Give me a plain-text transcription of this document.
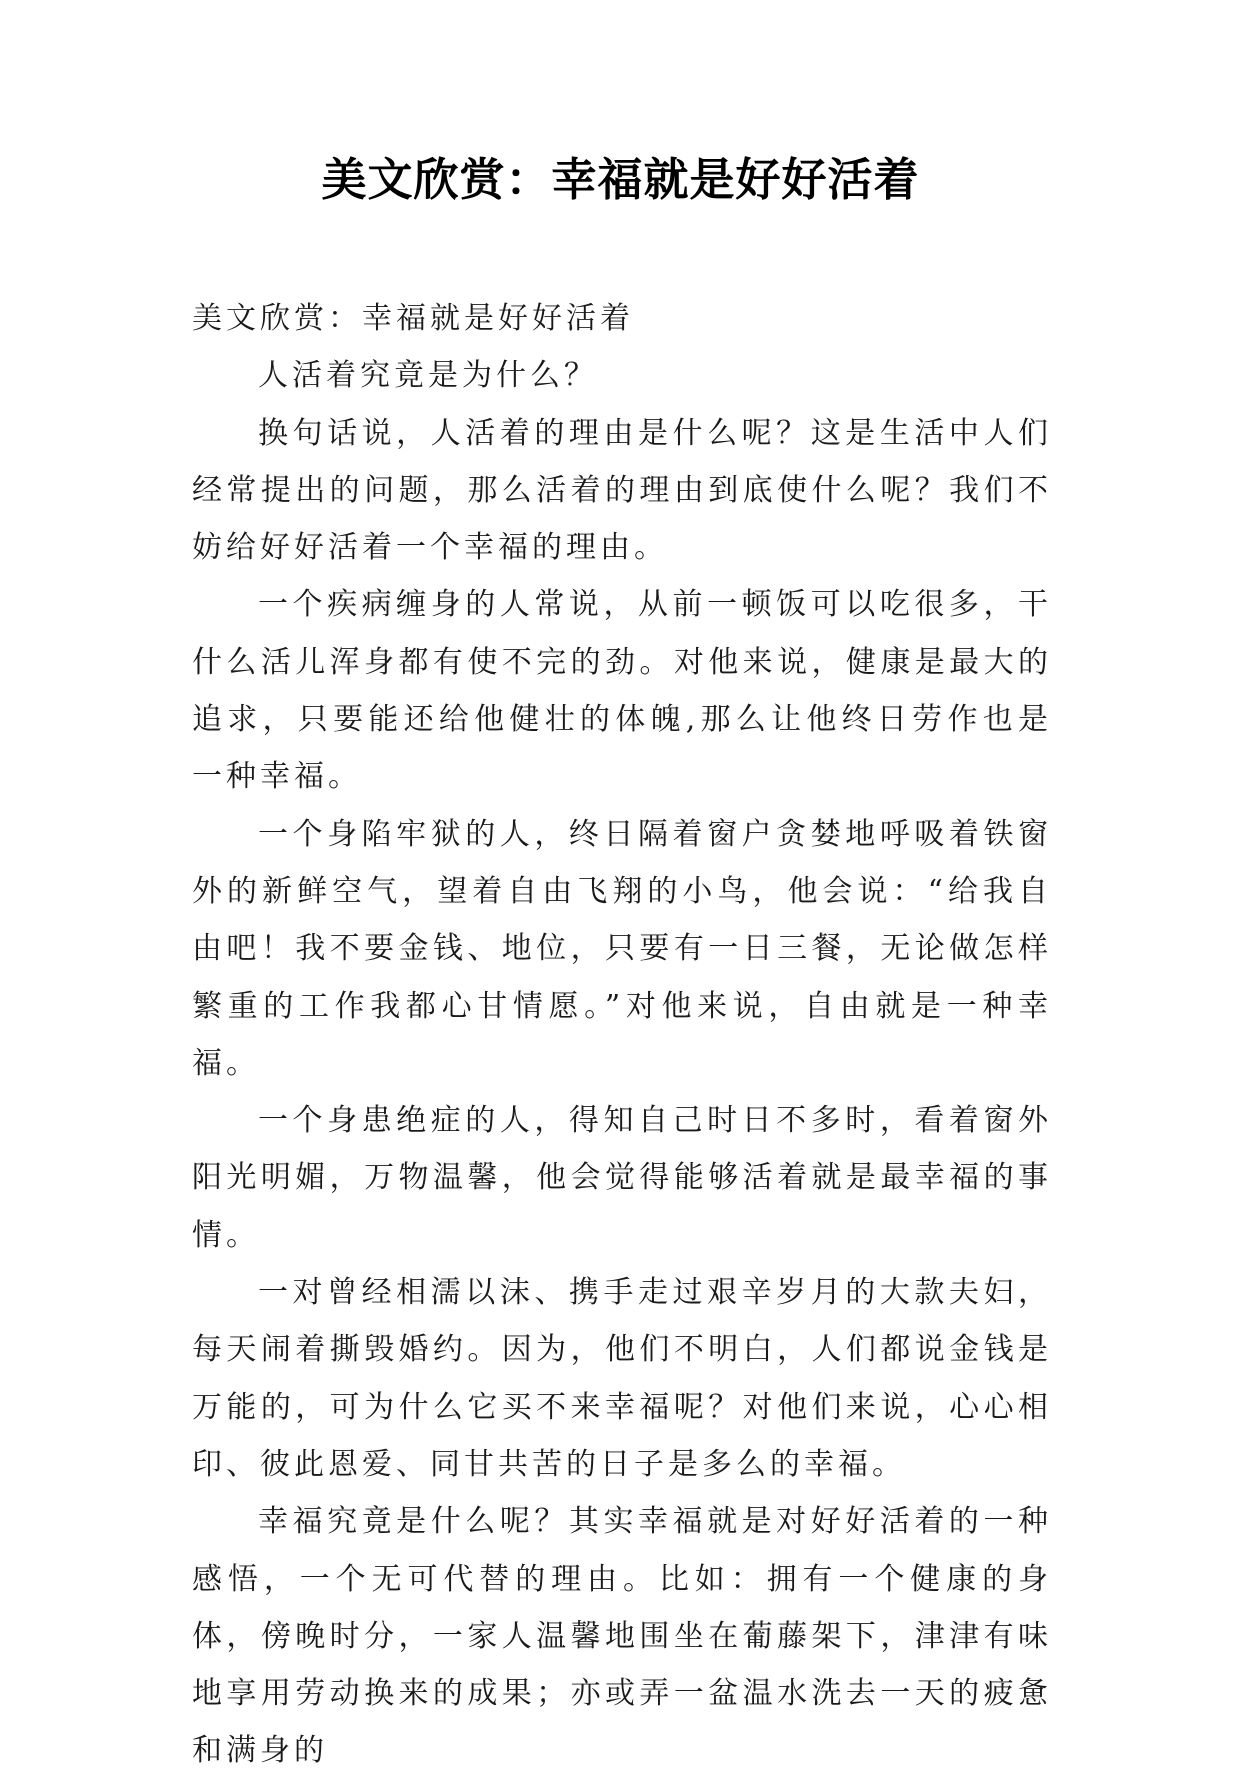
美文欣赏：幸福就是好好活着

美文欣赏：幸福就是好好活着

人活着究竟是为什么？

换句话说，人活着的理由是什么呢？这是生活中人们经常提出的问题，那么活着的理由到底使什么呢？我们不妨给好好活着一个幸福的理由。

一个疾病缠身的人常说，从前一顿饭可以吃很多，干什么活儿浑身都有使不完的劲。对他来说，健康是最大的追求，只要能还给他健壮的体魄,那么让他终日劳作也是一种幸福。

一个身陷牢狱的人，终日隔着窗户贪婪地呼吸着铁窗外的新鲜空气，望着自由飞翔的小鸟，他会说：“给我自由吧！我不要金钱、地位，只要有一日三餐，无论做怎样繁重的工作我都心甘情愿。”对他来说，自由就是一种幸福。

一个身患绝症的人，得知自己时日不多时，看着窗外阳光明媚，万物温馨，他会觉得能够活着就是最幸福的事情。

一对曾经相濡以沫、携手走过艰辛岁月的大款夫妇，每天闹着撕毁婚约。因为，他们不明白，人们都说金钱是万能的，可为什么它买不来幸福呢？对他们来说，心心相印、彼此恩爱、同甘共苦的日子是多么的幸福。

幸福究竟是什么呢？其实幸福就是对好好活着的一种感悟，一个无可代替的理由。比如：拥有一个健康的身体，傍晚时分，一家人温馨地围坐在葡藤架下，津津有味地享用劳动换来的成果；亦或弄一盆温水洗去一天的疲惫和满身的
